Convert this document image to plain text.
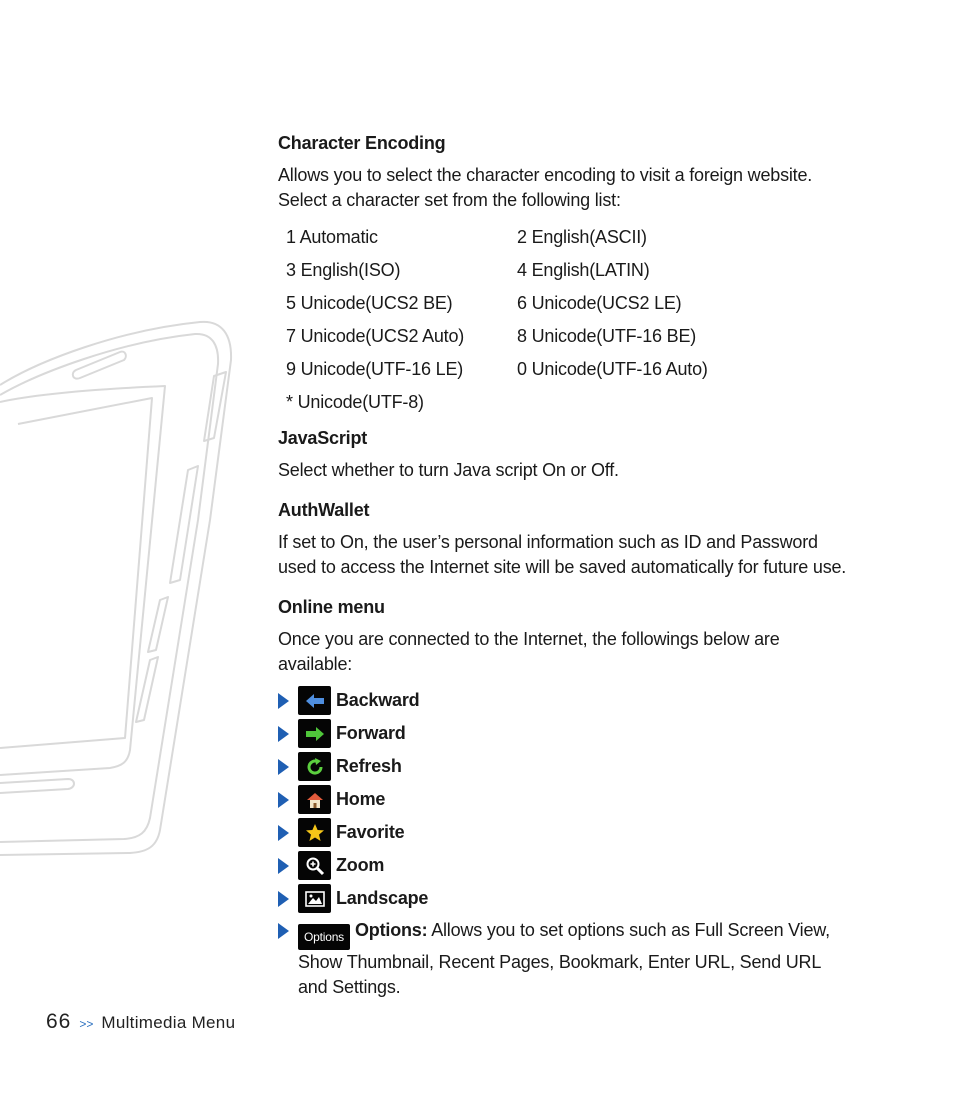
Character Encoding

Allows you to select the character encoding to visit a foreign website. Select a character set from the following list:

1 Automatic	2 English(ASCII)
3 English(ISO)	4 English(LATIN)
5 Unicode(UCS2 BE)	6 Unicode(UCS2 LE)
7 Unicode(UCS2 Auto)	8 Unicode(UTF-16 BE)
9 Unicode(UTF-16 LE)	0 Unicode(UTF-16 Auto)
* Unicode(UTF-8)

JavaScript

Select whether to turn Java script On or Off.

AuthWallet

If set to On, the user’s personal information such as ID and Password used to access the Internet site will be saved automatically for future use.

Online menu

Once you are connected to the Internet, the followings below are available:

Backward
Forward
Refresh
Home
Favorite
Zoom
Landscape
Options Options: Allows you to set options such as Full Screen View, Show Thumbnail, Recent Pages, Bookmark, Enter URL, Send URL and Settings.
66 >> Multimedia Menu
